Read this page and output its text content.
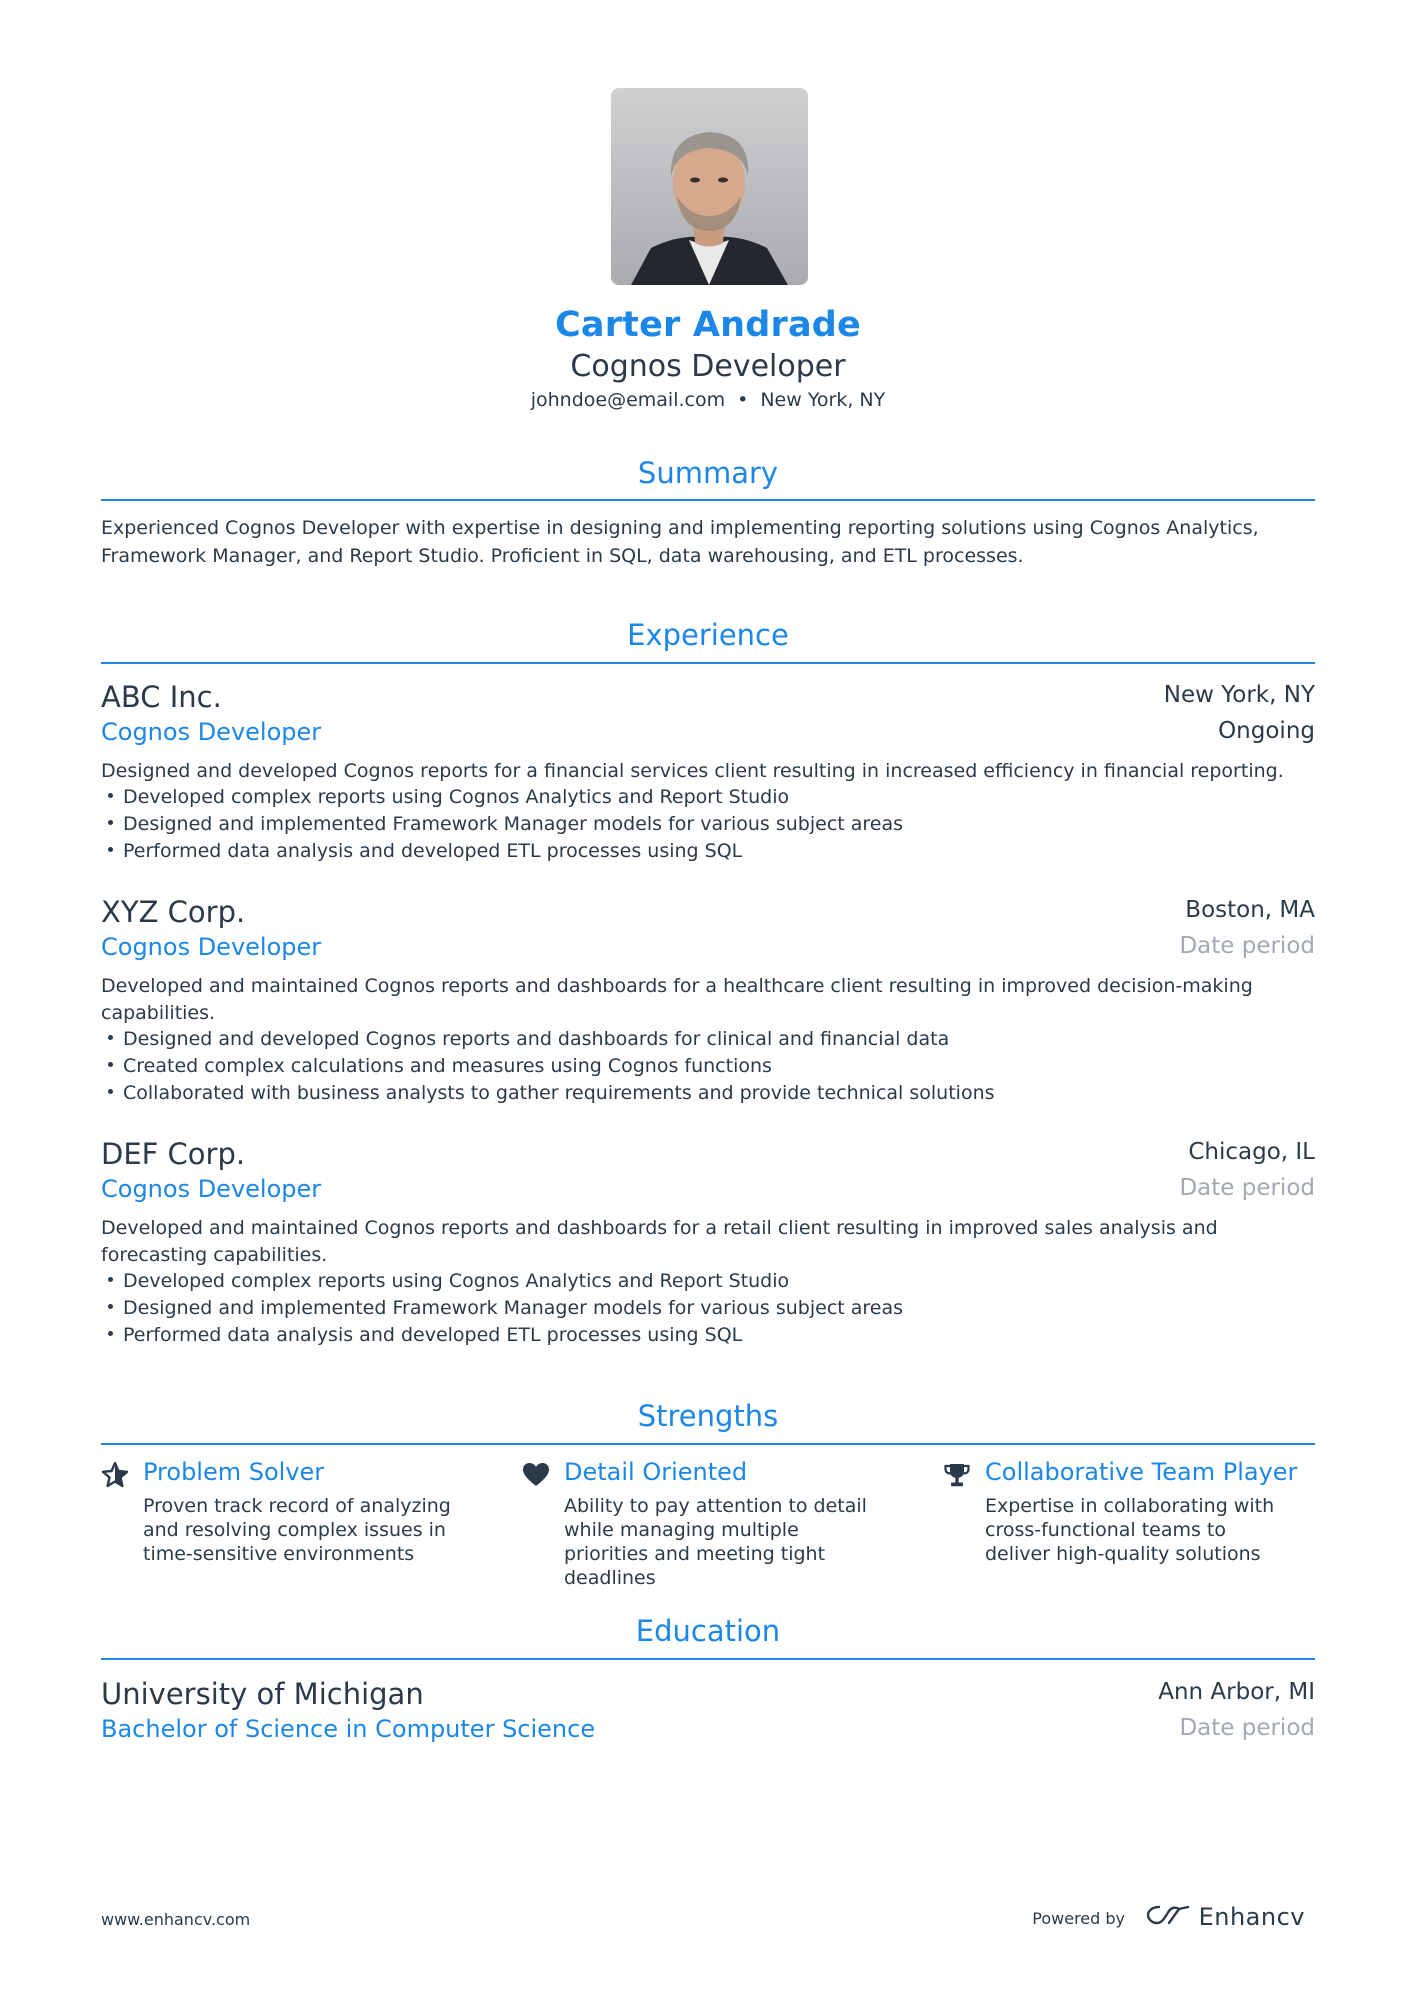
Carter Andrade
Cognos Developer
johndoe@email.com • New York, NY
Summary
Experienced Cognos Developer with expertise in designing and implementing reporting solutions using Cognos Analytics, Framework Manager, and Report Studio. Proficient in SQL, data warehousing, and ETL processes.
Experience
ABC Inc.	New York, NY
Cognos Developer	Ongoing
Designed and developed Cognos reports for a financial services client resulting in increased efficiency in financial reporting.
Developed complex reports using Cognos Analytics and Report Studio
Designed and implemented Framework Manager models for various subject areas
Performed data analysis and developed ETL processes using SQL
XYZ Corp.	Boston, MA
Cognos Developer	Date period
Developed and maintained Cognos reports and dashboards for a healthcare client resulting in improved decision-making capabilities.
Designed and developed Cognos reports and dashboards for clinical and financial data
Created complex calculations and measures using Cognos functions
Collaborated with business analysts to gather requirements and provide technical solutions
DEF Corp.	Chicago, IL
Cognos Developer	Date period
Developed and maintained Cognos reports and dashboards for a retail client resulting in improved sales analysis and forecasting capabilities.
Developed complex reports using Cognos Analytics and Report Studio
Designed and implemented Framework Manager models for various subject areas
Performed data analysis and developed ETL processes using SQL
Strengths
Problem Solver
Proven track record of analyzing and resolving complex issues in time-sensitive environments
Detail Oriented
Ability to pay attention to detail while managing multiple priorities and meeting tight deadlines
Collaborative Team Player
Expertise in collaborating with cross-functional teams to deliver high-quality solutions
Education
University of Michigan	Ann Arbor, MI
Bachelor of Science in Computer Science	Date period
www.enhancv.com	Powered by	Enhancv
